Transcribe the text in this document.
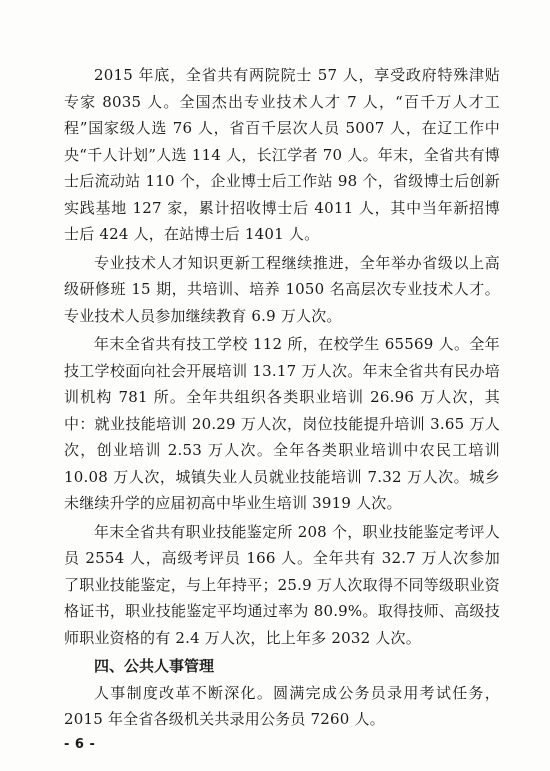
2015 年底，全省共有两院院士 57 人，享受政府特殊津贴专家 8035 人。全国杰出专业技术人才 7 人，“百千万人才工程”国家级人选 76 人，省百千层次人员 5007 人，在辽工作中央“千人计划”人选 114 人，长江学者 70 人。年末，全省共有博士后流动站 110 个，企业博士后工作站 98 个，省级博士后创新实践基地 127 家，累计招收博士后 4011 人，其中当年新招博士后 424 人，在站博士后 1401 人。

专业技术人才知识更新工程继续推进，全年举办省级以上高级研修班 15 期，共培训、培养 1050 名高层次专业技术人才。专业技术人员参加继续教育 6.9 万人次。

年末全省共有技工学校 112 所，在校学生 65569 人。全年技工学校面向社会开展培训 13.17 万人次。年末全省共有民办培训机构 781 所。全年共组织各类职业培训 26.96 万人次，其中：就业技能培训 20.29 万人次，岗位技能提升培训 3.65 万人次，创业培训 2.53 万人次。全年各类职业培训中农民工培训 10.08 万人次，城镇失业人员就业技能培训 7.32 万人次。城乡未继续升学的应届初高中毕业生培训 3919 人次。

年末全省共有职业技能鉴定所 208 个，职业技能鉴定考评人员 2554 人，高级考评员 166 人。全年共有 32.7 万人次参加了职业技能鉴定，与上年持平；25.9 万人次取得不同等级职业资格证书，职业技能鉴定平均通过率为 80.9%。取得技师、高级技师职业资格的有 2.4 万人次，比上年多 2032 人次。

四、公共人事管理

人事制度改革不断深化。圆满完成公务员录用考试任务，2015 年全省各级机关共录用公务员 7260 人。

- 6 -
